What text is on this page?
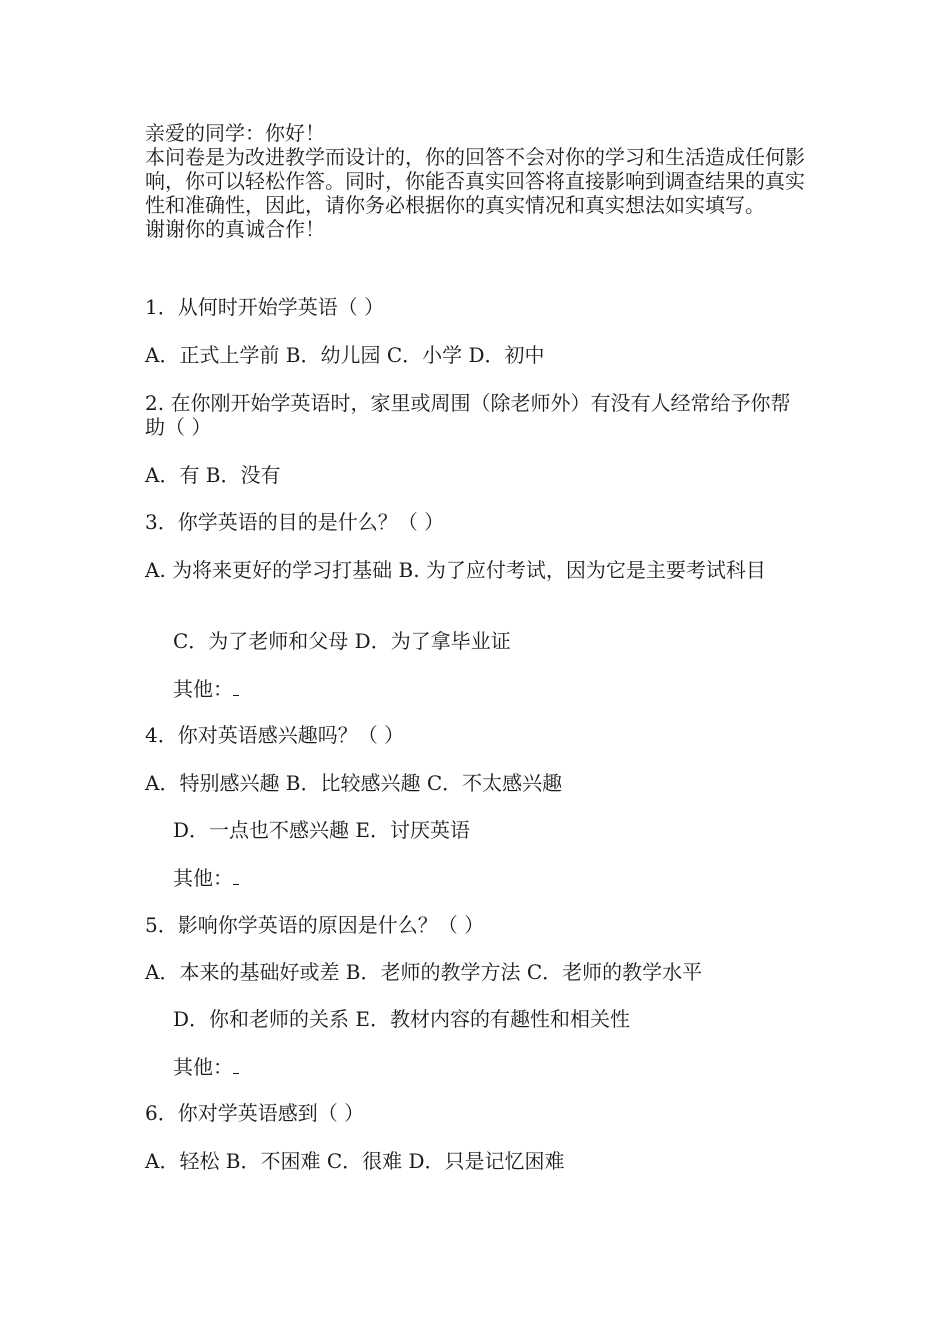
亲爱的同学：你好！

本问卷是为改进教学而设计的，你的回答不会对你的学习和生活造成任何影响，你可以轻松作答。同时，你能否真实回答将直接影响到调查结果的真实性和准确性，因此，请你务必根据你的真实情况和真实想法如实填写。

谢谢你的真诚合作！

1．从何时开始学英语（ ）

A．正式上学前 B．幼儿园 C．小学 D．初中

2. 在你刚开始学英语时，家里或周围（除老师外）有没有人经常给予你帮助（ ）

A．有 B．没有

3．你学英语的目的是什么？（ ）

A. 为将来更好的学习打基础 B. 为了应付考试，因为它是主要考试科目

C．为了老师和父母 D．为了拿毕业证

其他：

4．你对英语感兴趣吗？（ ）

A．特别感兴趣 B．比较感兴趣 C．不太感兴趣

D．一点也不感兴趣 E．讨厌英语

其他：

5．影响你学英语的原因是什么？（ ）

A．本来的基础好或差 B．老师的教学方法 C．老师的教学水平

D．你和老师的关系 E．教材内容的有趣性和相关性

其他：

6．你对学英语感到（ ）

A．轻松 B．不困难 C．很难 D．只是记忆困难
